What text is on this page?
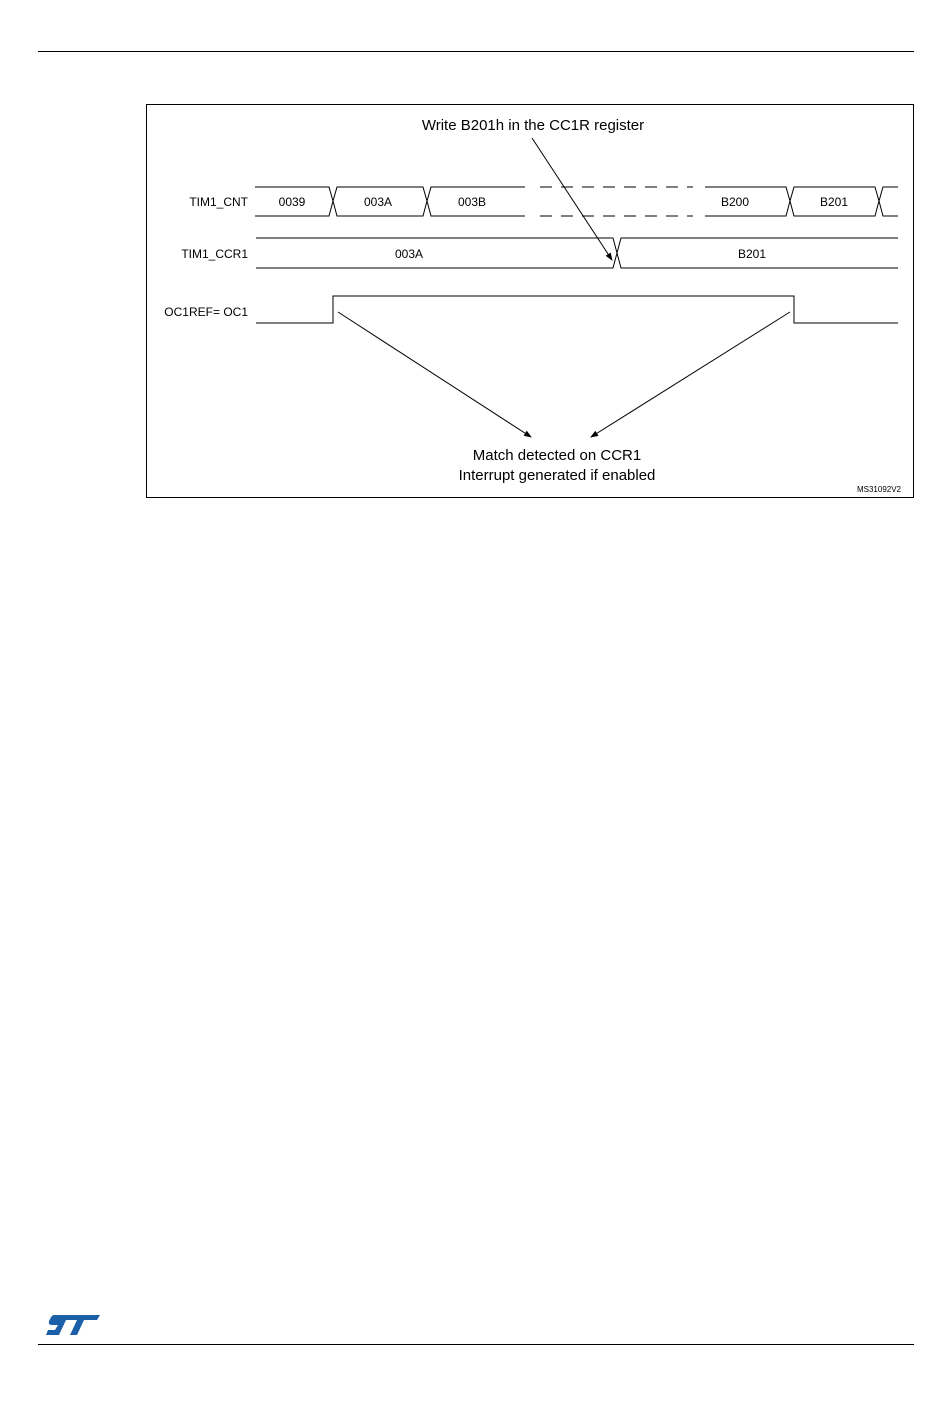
Write B201h in the CC1R register
TIM1_CNT
TIM1_CCR1
OC1REF= OC1
0039	003A	003B	B200	B201
003A	B201
Match detected on CCR1
Interrupt generated if enabled
MS31092V2
